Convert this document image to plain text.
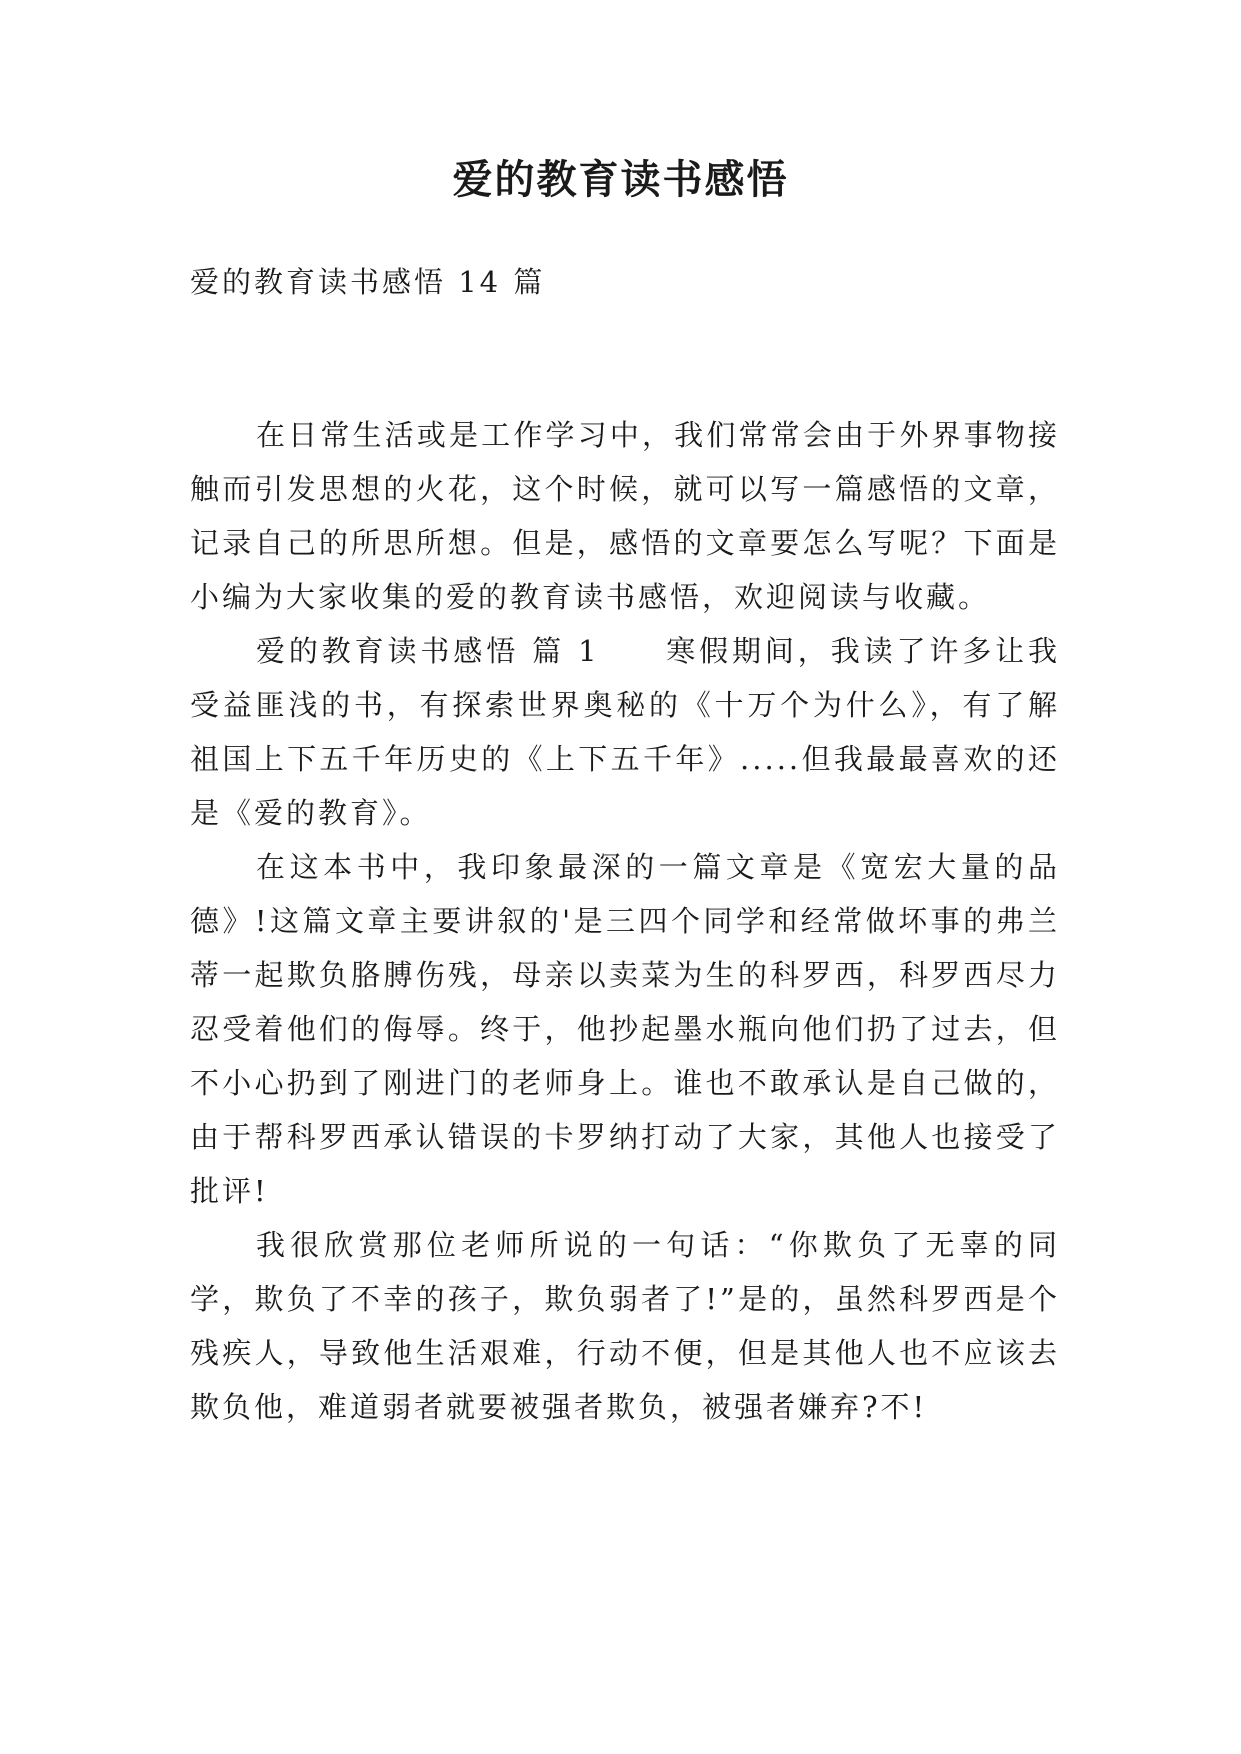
爱的教育读书感悟

爱的教育读书感悟 14 篇

在日常生活或是工作学习中，我们常常会由于外界事物接触而引发思想的火花，这个时候，就可以写一篇感悟的文章，记录自己的所思所想。但是，感悟的文章要怎么写呢？下面是小编为大家收集的爱的教育读书感悟，欢迎阅读与收藏。

爱的教育读书感悟 篇 1　　寒假期间，我读了许多让我受益匪浅的书，有探索世界奥秘的《十万个为什么》，有了解祖国上下五千年历史的《上下五千年》.....但我最最喜欢的还是《爱的教育》。

在这本书中，我印象最深的一篇文章是《宽宏大量的品德》!这篇文章主要讲叙的'是三四个同学和经常做坏事的弗兰蒂一起欺负胳膊伤残，母亲以卖菜为生的科罗西，科罗西尽力忍受着他们的侮辱。终于，他抄起墨水瓶向他们扔了过去，但不小心扔到了刚进门的老师身上。谁也不敢承认是自己做的，由于帮科罗西承认错误的卡罗纳打动了大家，其他人也接受了批评!

我很欣赏那位老师所说的一句话：“你欺负了无辜的同学，欺负了不幸的孩子，欺负弱者了!”是的，虽然科罗西是个残疾人，导致他生活艰难，行动不便，但是其他人也不应该去欺负他，难道弱者就要被强者欺负，被强者嫌弃?不!
